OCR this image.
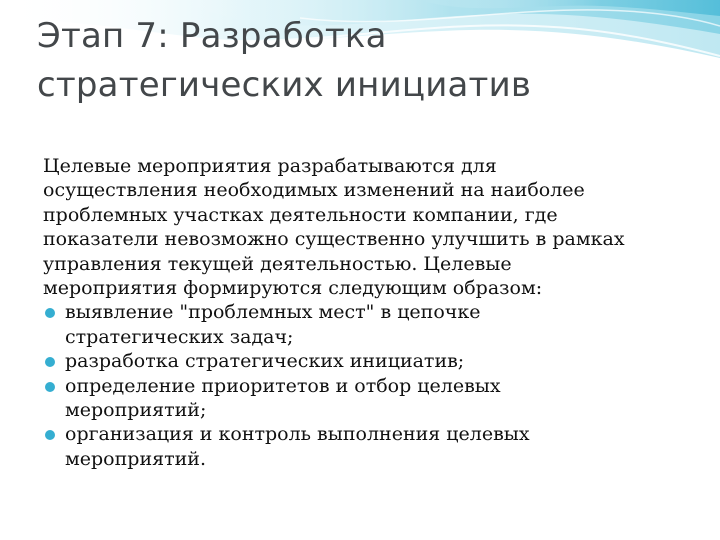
Этап 7: Разработка
стратегических инициатив
Целевые мероприятия разрабатываются для
осуществления необходимых изменений на наиболее
проблемных участках деятельности компании, где
показатели невозможно существенно улучшить в рамках
управления текущей деятельностью. Целевые
мероприятия формируются следующим образом:
выявление "проблемных мест" в цепочке
стратегических задач;
разработка стратегических инициатив;
определение приоритетов и отбор целевых
мероприятий;
организация и контроль выполнения целевых
мероприятий.
